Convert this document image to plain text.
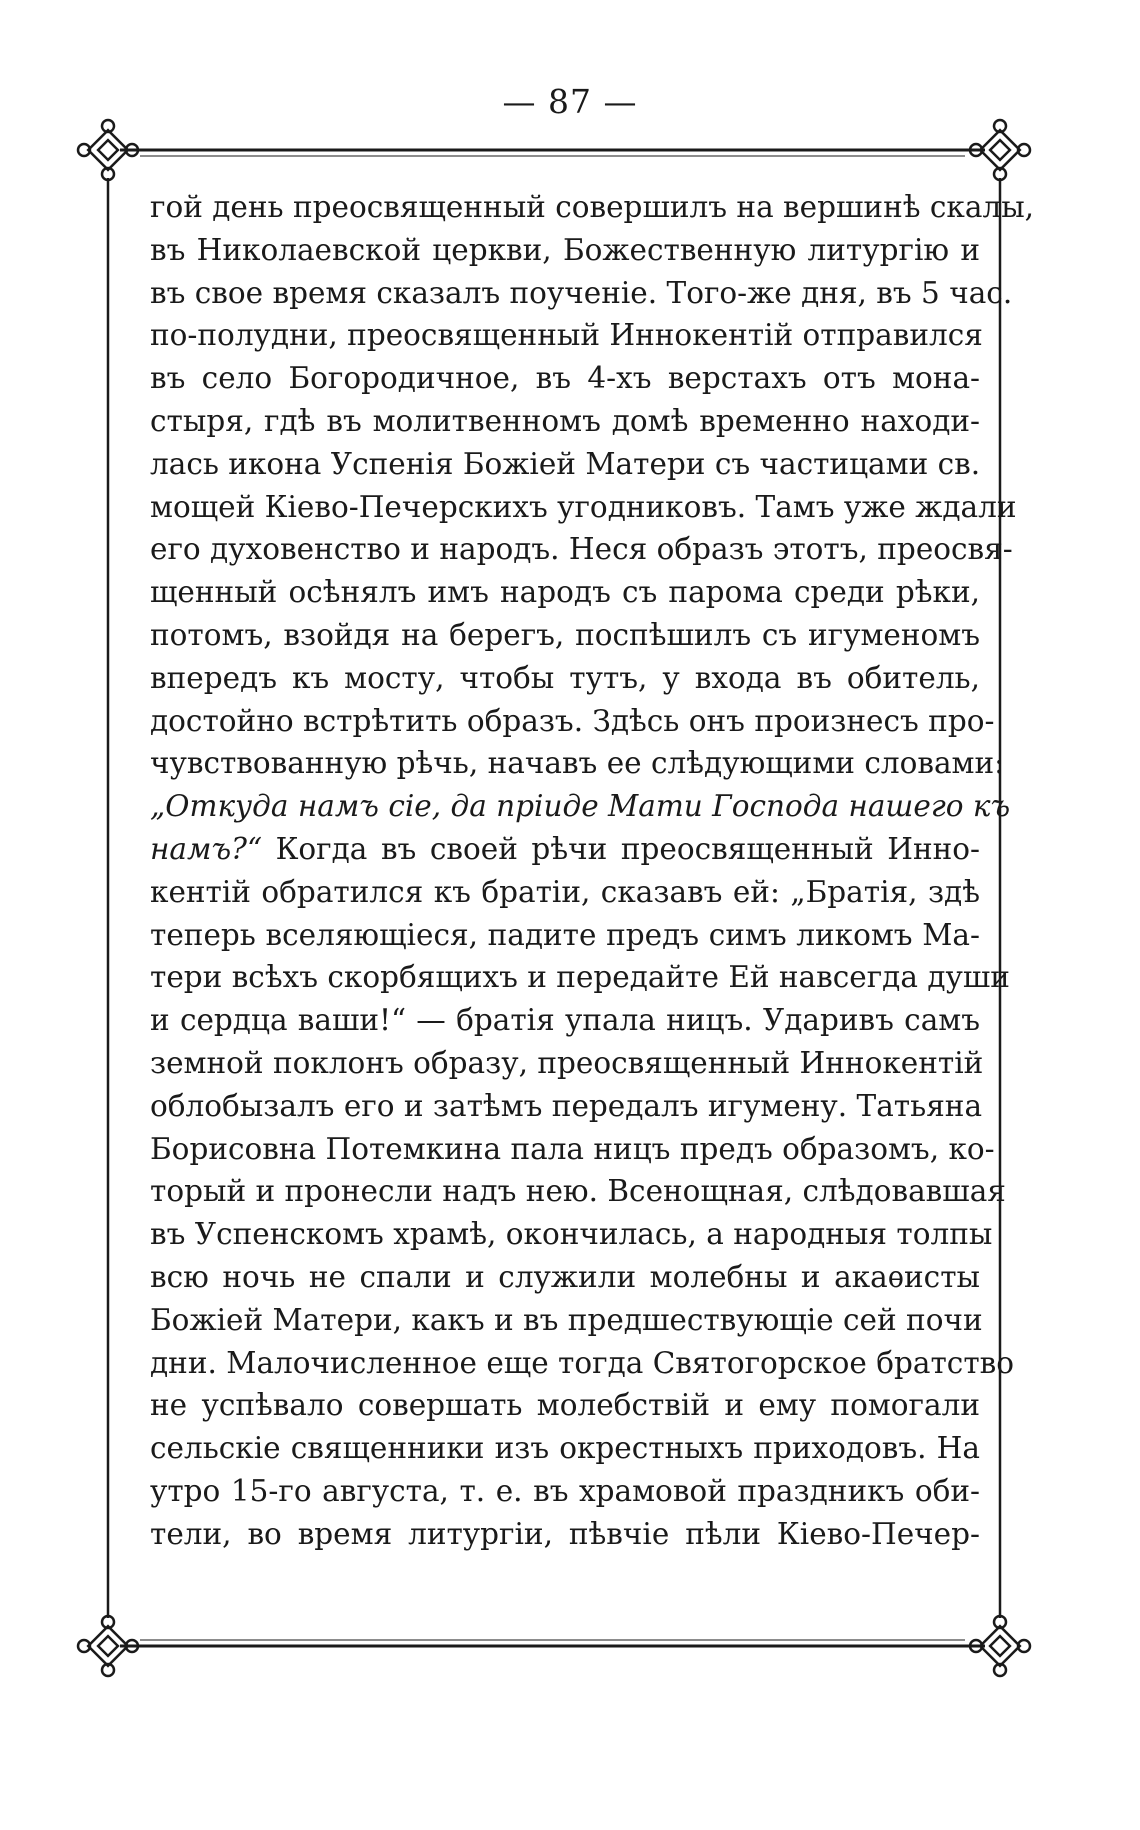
— 87 —
гой день преосвященный совершилъ на вершинѣ скалы,
въ Николаевской церкви, Божественную литургію и
въ свое время сказалъ поученіе. Того-же дня, въ 5 час.
по-полудни, преосвященный Иннокентій отправился
въ село Богородичное, въ 4-хъ верстахъ отъ мона-
стыря, гдѣ въ молитвенномъ домѣ временно находи-
лась икона Успенія Божіей Матери съ частицами св.
мощей Кіево-Печерскихъ угодниковъ. Тамъ уже ждали
его духовенство и народъ. Неся образъ этотъ, преосвя-
щенный осѣнялъ имъ народъ съ парома среди рѣки,
потомъ, взойдя на берегъ, поспѣшилъ съ игуменомъ
впередъ къ мосту, чтобы тутъ, у входа въ обитель,
достойно встрѣтить образъ. Здѣсь онъ произнесъ про-
чувствованную рѣчь, начавъ ее слѣдующими словами:
„Откуда намъ сіе, да пріиде Мати Господа нашего къ
намъ?“ Когда въ своей рѣчи преосвященный Инно-
кентій обратился къ братіи, сказавъ ей: „Братія, здѣ
теперь вселяющіеся, падите предъ симъ ликомъ Ма-
тери всѣхъ скорбящихъ и передайте Ей навсегда души
и сердца ваши!“ — братія упала ницъ. Ударивъ самъ
земной поклонъ образу, преосвященный Иннокентій
облобызалъ его и затѣмъ передалъ игумену. Татьяна
Борисовна Потемкина пала ницъ предъ образомъ, ко-
торый и пронесли надъ нею. Всенощная, слѣдовавшая
въ Успенскомъ храмѣ, окончилась, а народныя толпы
всю ночь не спали и служили молебны и акаѳисты
Божіей Матери, какъ и въ предшествующіе сей почи
дни. Малочисленное еще тогда Святогорское братство
не успѣвало совершать молебствій и ему помогали
сельскіе священники изъ окрестныхъ приходовъ. На
утро 15-го августа, т. е. въ храмовой праздникъ оби-
тели, во время литургіи, пѣвчіе пѣли Кіево-Печер-
